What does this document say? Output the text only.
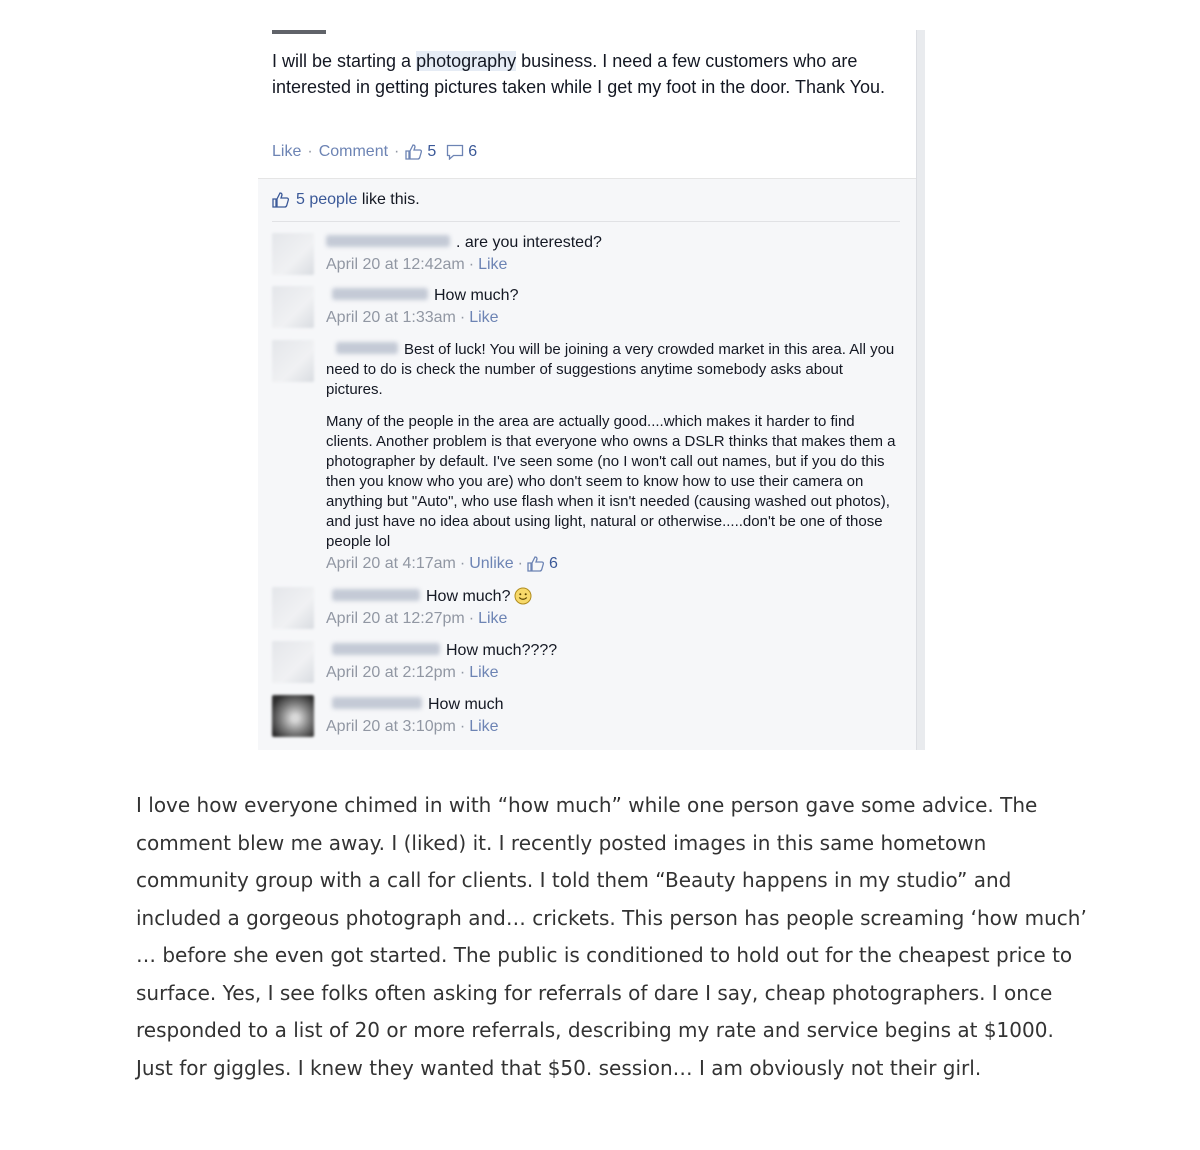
I will be starting a photography business. I need a few customers who are interested in getting pictures taken while I get my foot in the door. Thank You.
Like · Comment · 5 6
5 people like this.
. are you interested?
April 20 at 12:42am · Like
How much?
April 20 at 1:33am · Like
Best of luck! You will be joining a very crowded market in this area. All you need to do is check the number of suggestions anytime somebody asks about pictures.
Many of the people in the area are actually good....which makes it harder to find clients. Another problem is that everyone who owns a DSLR thinks that makes them a photographer by default. I've seen some (no I won't call out names, but if you do this then you know who you are) who don't seem to know how to use their camera on anything but "Auto", who use flash when it isn't needed (causing washed out photos), and just have no idea about using light, natural or otherwise.....don't be one of those people lol
April 20 at 4:17am · Unlike · 6
How much?
April 20 at 12:27pm · Like
How much????
April 20 at 2:12pm · Like
How much
April 20 at 3:10pm · Like

I love how everyone chimed in with “how much” while one person gave some advice. The comment blew me away. I (liked) it. I recently posted images in this same hometown community group with a call for clients. I told them “Beauty happens in my studio” and included a gorgeous photograph and… crickets. This person has people screaming ‘how much’ … before she even got started. The public is conditioned to hold out for the cheapest price to surface. Yes, I see folks often asking for referrals of dare I say, cheap photographers. I once responded to a list of 20 or more referrals, describing my rate and service begins at $1000. Just for giggles. I knew they wanted that $50. session… I am obviously not their girl.
